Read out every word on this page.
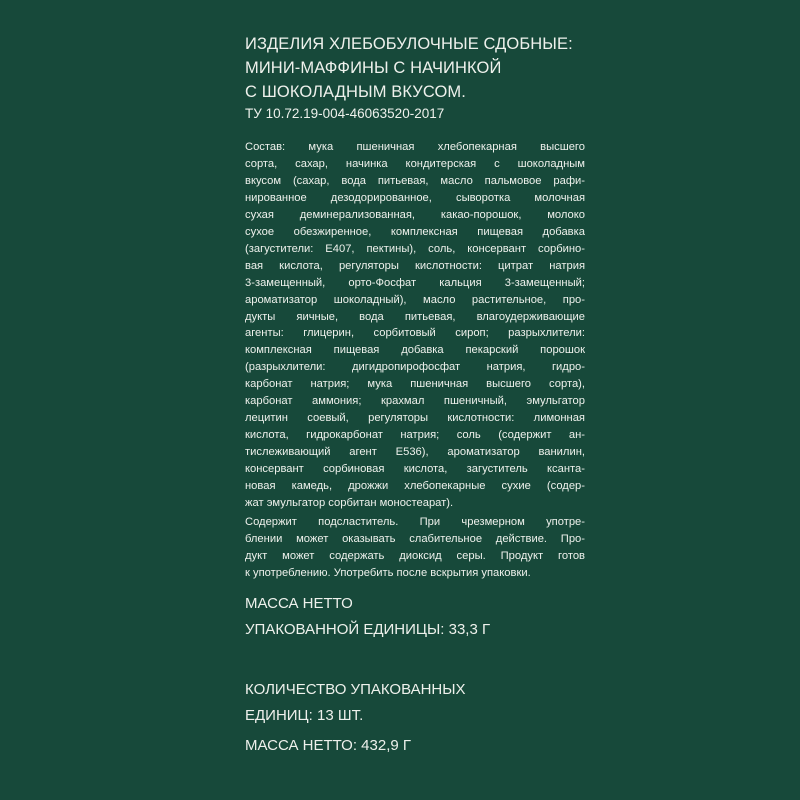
ИЗДЕЛИЯ ХЛЕБОБУЛОЧНЫЕ СДОБНЫЕ:
МИНИ-МАФФИНЫ С НАЧИНКОЙ
С ШОКОЛАДНЫМ ВКУСОМ.
ТУ 10.72.19-004-46063520-2017
Состав: мука пшеничная хлебопекарная высшего
сорта, сахар, начинка кондитерская с шоколадным
вкусом (сахар, вода питьевая, масло пальмовое рафи-
нированное дезодорированное, сыворотка молочная
сухая деминерализованная, какао-порошок, молоко
сухое обезжиренное, комплексная пищевая добавка
(загустители: Е407, пектины), соль, консервант сорбино-
вая кислота, регуляторы кислотности: цитрат натрия
3-замещенный, орто-Фосфат кальция 3-замещенный;
ароматизатор шоколадный), масло растительное, про-
дукты яичные, вода питьевая, влагоудерживающие
агенты: глицерин, сорбитовый сироп; разрыхлители:
комплексная пищевая добавка пекарский порошок
(разрыхлители: дигидропирофосфат натрия, гидро-
карбонат натрия; мука пшеничная высшего сорта),
карбонат аммония; крахмал пшеничный, эмульгатор
лецитин соевый, регуляторы кислотности: лимонная
кислота, гидрокарбонат натрия; соль (содержит ан-
тислеживающий агент Е536), ароматизатор ванилин,
консервант сорбиновая кислота, загуститель ксанта-
новая камедь, дрожжи хлебопекарные сухие (содер-
жат эмульгатор сорбитан моностеарат).
Содержит подсластитель. При чрезмерном употре-
блении может оказывать слабительное действие. Про-
дукт может содержать диоксид серы. Продукт готов
к употреблению. Употребить после вскрытия упаковки.
МАССА НЕТТО
УПАКОВАННОЙ ЕДИНИЦЫ: 33,3 Г
КОЛИЧЕСТВО УПАКОВАННЫХ
ЕДИНИЦ: 13 ШТ.
МАССА НЕТТО: 432,9 Г
